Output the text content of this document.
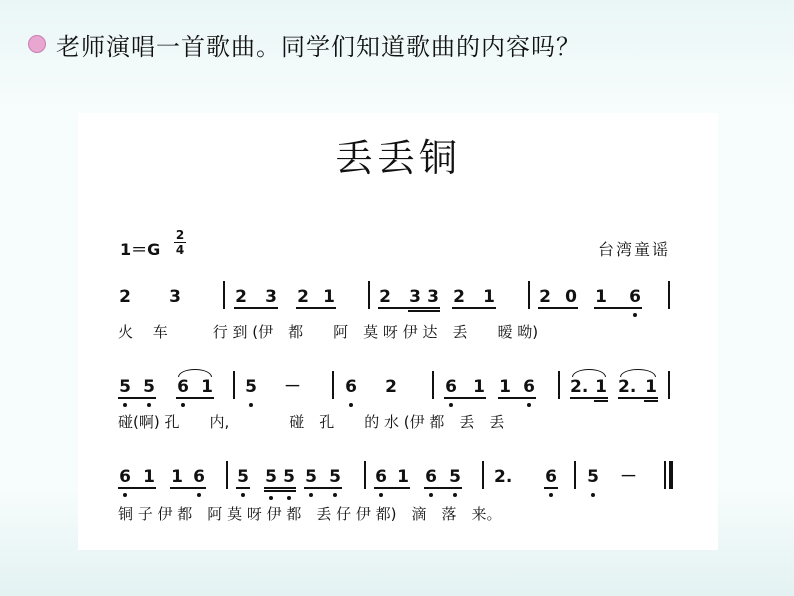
老师演唱一首歌曲。同学们知道歌曲的内容吗？
丢丢铜
1＝G
2
4	台湾童谣
2 3	2 3 2 1	2 3 3 2 1	2 0 1 6
火　 车　　　行 到 (伊　都　　阿　莫 呀 伊 达　丢　　暧 呦)
5 5 6 1 5 －	6 2	6 1 1 6 2. 1 2. 1
碰(啊) 孔　　内,　　　　碰　孔　　的 水 (伊 都　丢　丢
6 1 1 6 5 5 5 5 5 6 1 6 5 2. 6 5 －
铜 子 伊 都　阿 莫 呀 伊 都　丢 仔 伊 都)　滴　落　来。
